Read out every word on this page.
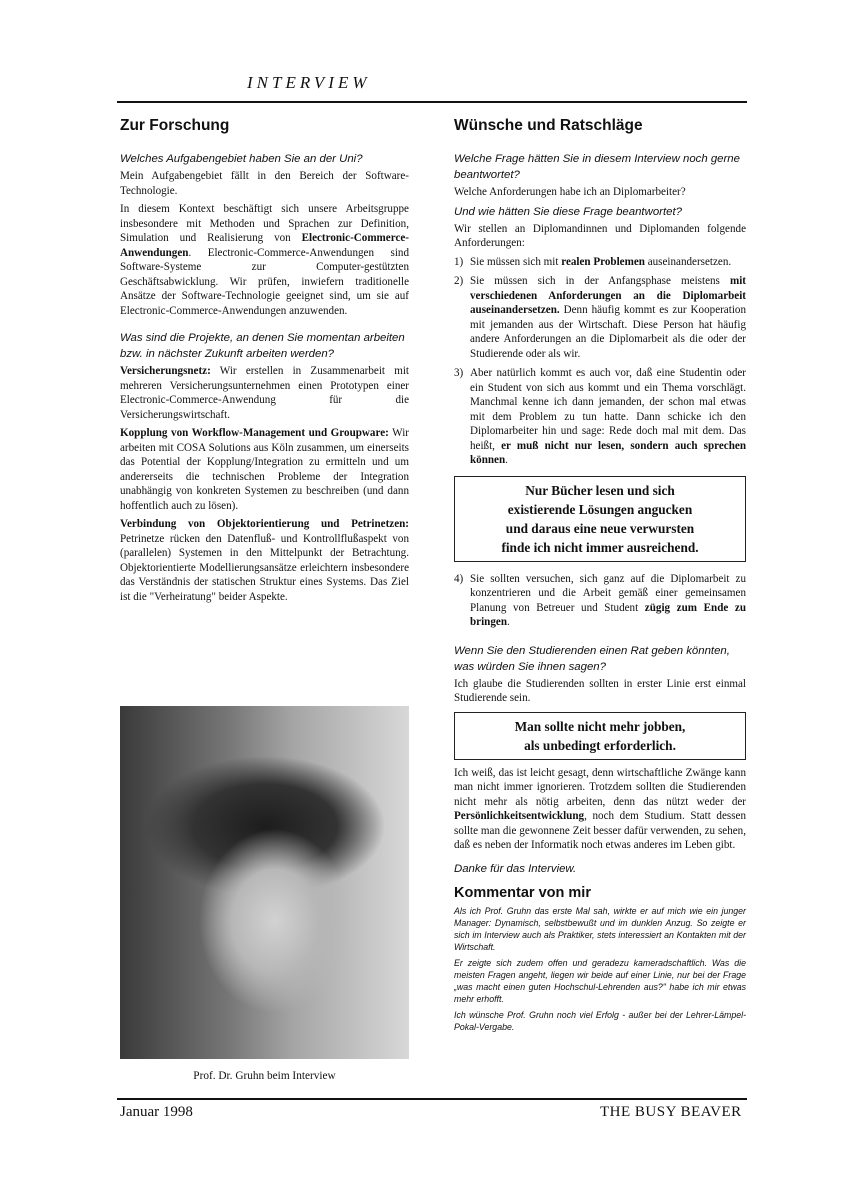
INTERVIEW
Zur Forschung
Welches Aufgabengebiet haben Sie an der Uni?

Mein Aufgabengebiet fällt in den Bereich der Software-Technologie.

In diesem Kontext beschäftigt sich unsere Arbeitsgruppe insbesondere mit Methoden und Sprachen zur Definition, Simulation und Realisierung von Electronic-Commerce-Anwendungen. Electronic-Commerce-Anwendungen sind Software-Systeme zur Computer-gestützten Geschäftsabwicklung. Wir prüfen, inwiefern traditionelle Ansätze der Software-Technologie geeignet sind, um sie auf Electronic-Commerce-Anwendungen anzuwenden.

Was sind die Projekte, an denen Sie momentan arbeiten bzw. in nächster Zukunft arbeiten werden?

Versicherungsnetz: Wir erstellen in Zusammenarbeit mit mehreren Versicherungsunternehmen einen Prototypen einer Electronic-Commerce-Anwendung für die Versicherungswirtschaft.

Kopplung von Workflow-Management und Groupware: Wir arbeiten mit COSA Solutions aus Köln zusammen, um einerseits das Potential der Kopplung/Integration zu ermitteln und um andererseits die technischen Probleme der Integration unabhängig von konkreten Systemen zu beschreiben (und dann hoffentlich auch zu lösen).

Verbindung von Objektorientierung und Petrinetzen: Petrinetze rücken den Datenfluß- und Kontrollflußaspekt von (parallelen) Systemen in den Mittelpunkt der Betrachtung. Objektorientierte Modellierungsansätze erleichtern insbesondere das Verständnis der statischen Struktur eines Systems. Das Ziel ist die "Verheiratung" beider Aspekte.

Prof. Dr. Gruhn beim Interview
Wünsche und Ratschläge
Welche Frage hätten Sie in diesem Interview noch gerne beantwortet?

Welche Anforderungen habe ich an Diplomarbeiter?

Und wie hätten Sie diese Frage beantwortet?

Wir stellen an Diplomandinnen und Diplomanden folgende Anforderungen:

1) Sie müssen sich mit realen Problemen auseinandersetzen.
2) Sie müssen sich in der Anfangsphase meistens mit verschiedenen Anforderungen an die Diplomarbeit auseinandersetzen. Denn häufig kommt es zur Kooperation mit jemanden aus der Wirtschaft. Diese Person hat häufig andere Anforderungen an die Diplomarbeit als die oder der Studierende oder als wir.
3) Aber natürlich kommt es auch vor, daß eine Studentin oder ein Student von sich aus kommt und ein Thema vorschlägt. Manchmal kenne ich dann jemanden, der schon mal etwas mit dem Problem zu tun hatte. Dann schicke ich den Diplomarbeiter hin und sage: Rede doch mal mit dem. Das heißt, er muß nicht nur lesen, sondern auch sprechen können.
Nur Bücher lesen und sich
existierende Lösungen angucken
und daraus eine neue verwursten
finde ich nicht immer ausreichend.
4) Sie sollten versuchen, sich ganz auf die Diplomarbeit zu konzentrieren und die Arbeit gemäß einer gemeinsamen Planung von Betreuer und Student zügig zum Ende zu bringen.
Wenn Sie den Studierenden einen Rat geben könnten, was würden Sie ihnen sagen?

Ich glaube die Studierenden sollten in erster Linie erst einmal Studierende sein.

Man sollte nicht mehr jobben,
als unbedingt erforderlich.

Ich weiß, das ist leicht gesagt, denn wirtschaftliche Zwänge kann man nicht immer ignorieren. Trotzdem sollten die Studierenden nicht mehr als nötig arbeiten, denn das nützt weder der Persönlichkeitsentwicklung, noch dem Studium. Statt dessen sollte man die gewonnene Zeit besser dafür verwenden, zu sehen, daß es neben der Informatik noch etwas anderes im Leben gibt.

Danke für das Interview.
Kommentar von mir

Als ich Prof. Gruhn das erste Mal sah, wirkte er auf mich wie ein junger Manager: Dynamisch, selbstbewußt und im dunklen Anzug. So zeigte er sich im Interview auch als Praktiker, stets interessiert an Kontakten mit der Wirtschaft.

Er zeigte sich zudem offen und geradezu kameradschaftlich. Was die meisten Fragen angeht, liegen wir beide auf einer Linie, nur bei der Frage „was macht einen guten Hochschul-Lehrenden aus?" habe ich mir etwas mehr erhofft.

Ich wünsche Prof. Gruhn noch viel Erfolg - außer bei der Lehrer-Lämpel-Pokal-Vergabe.

Januar 1998	THE BUSY BEAVER
